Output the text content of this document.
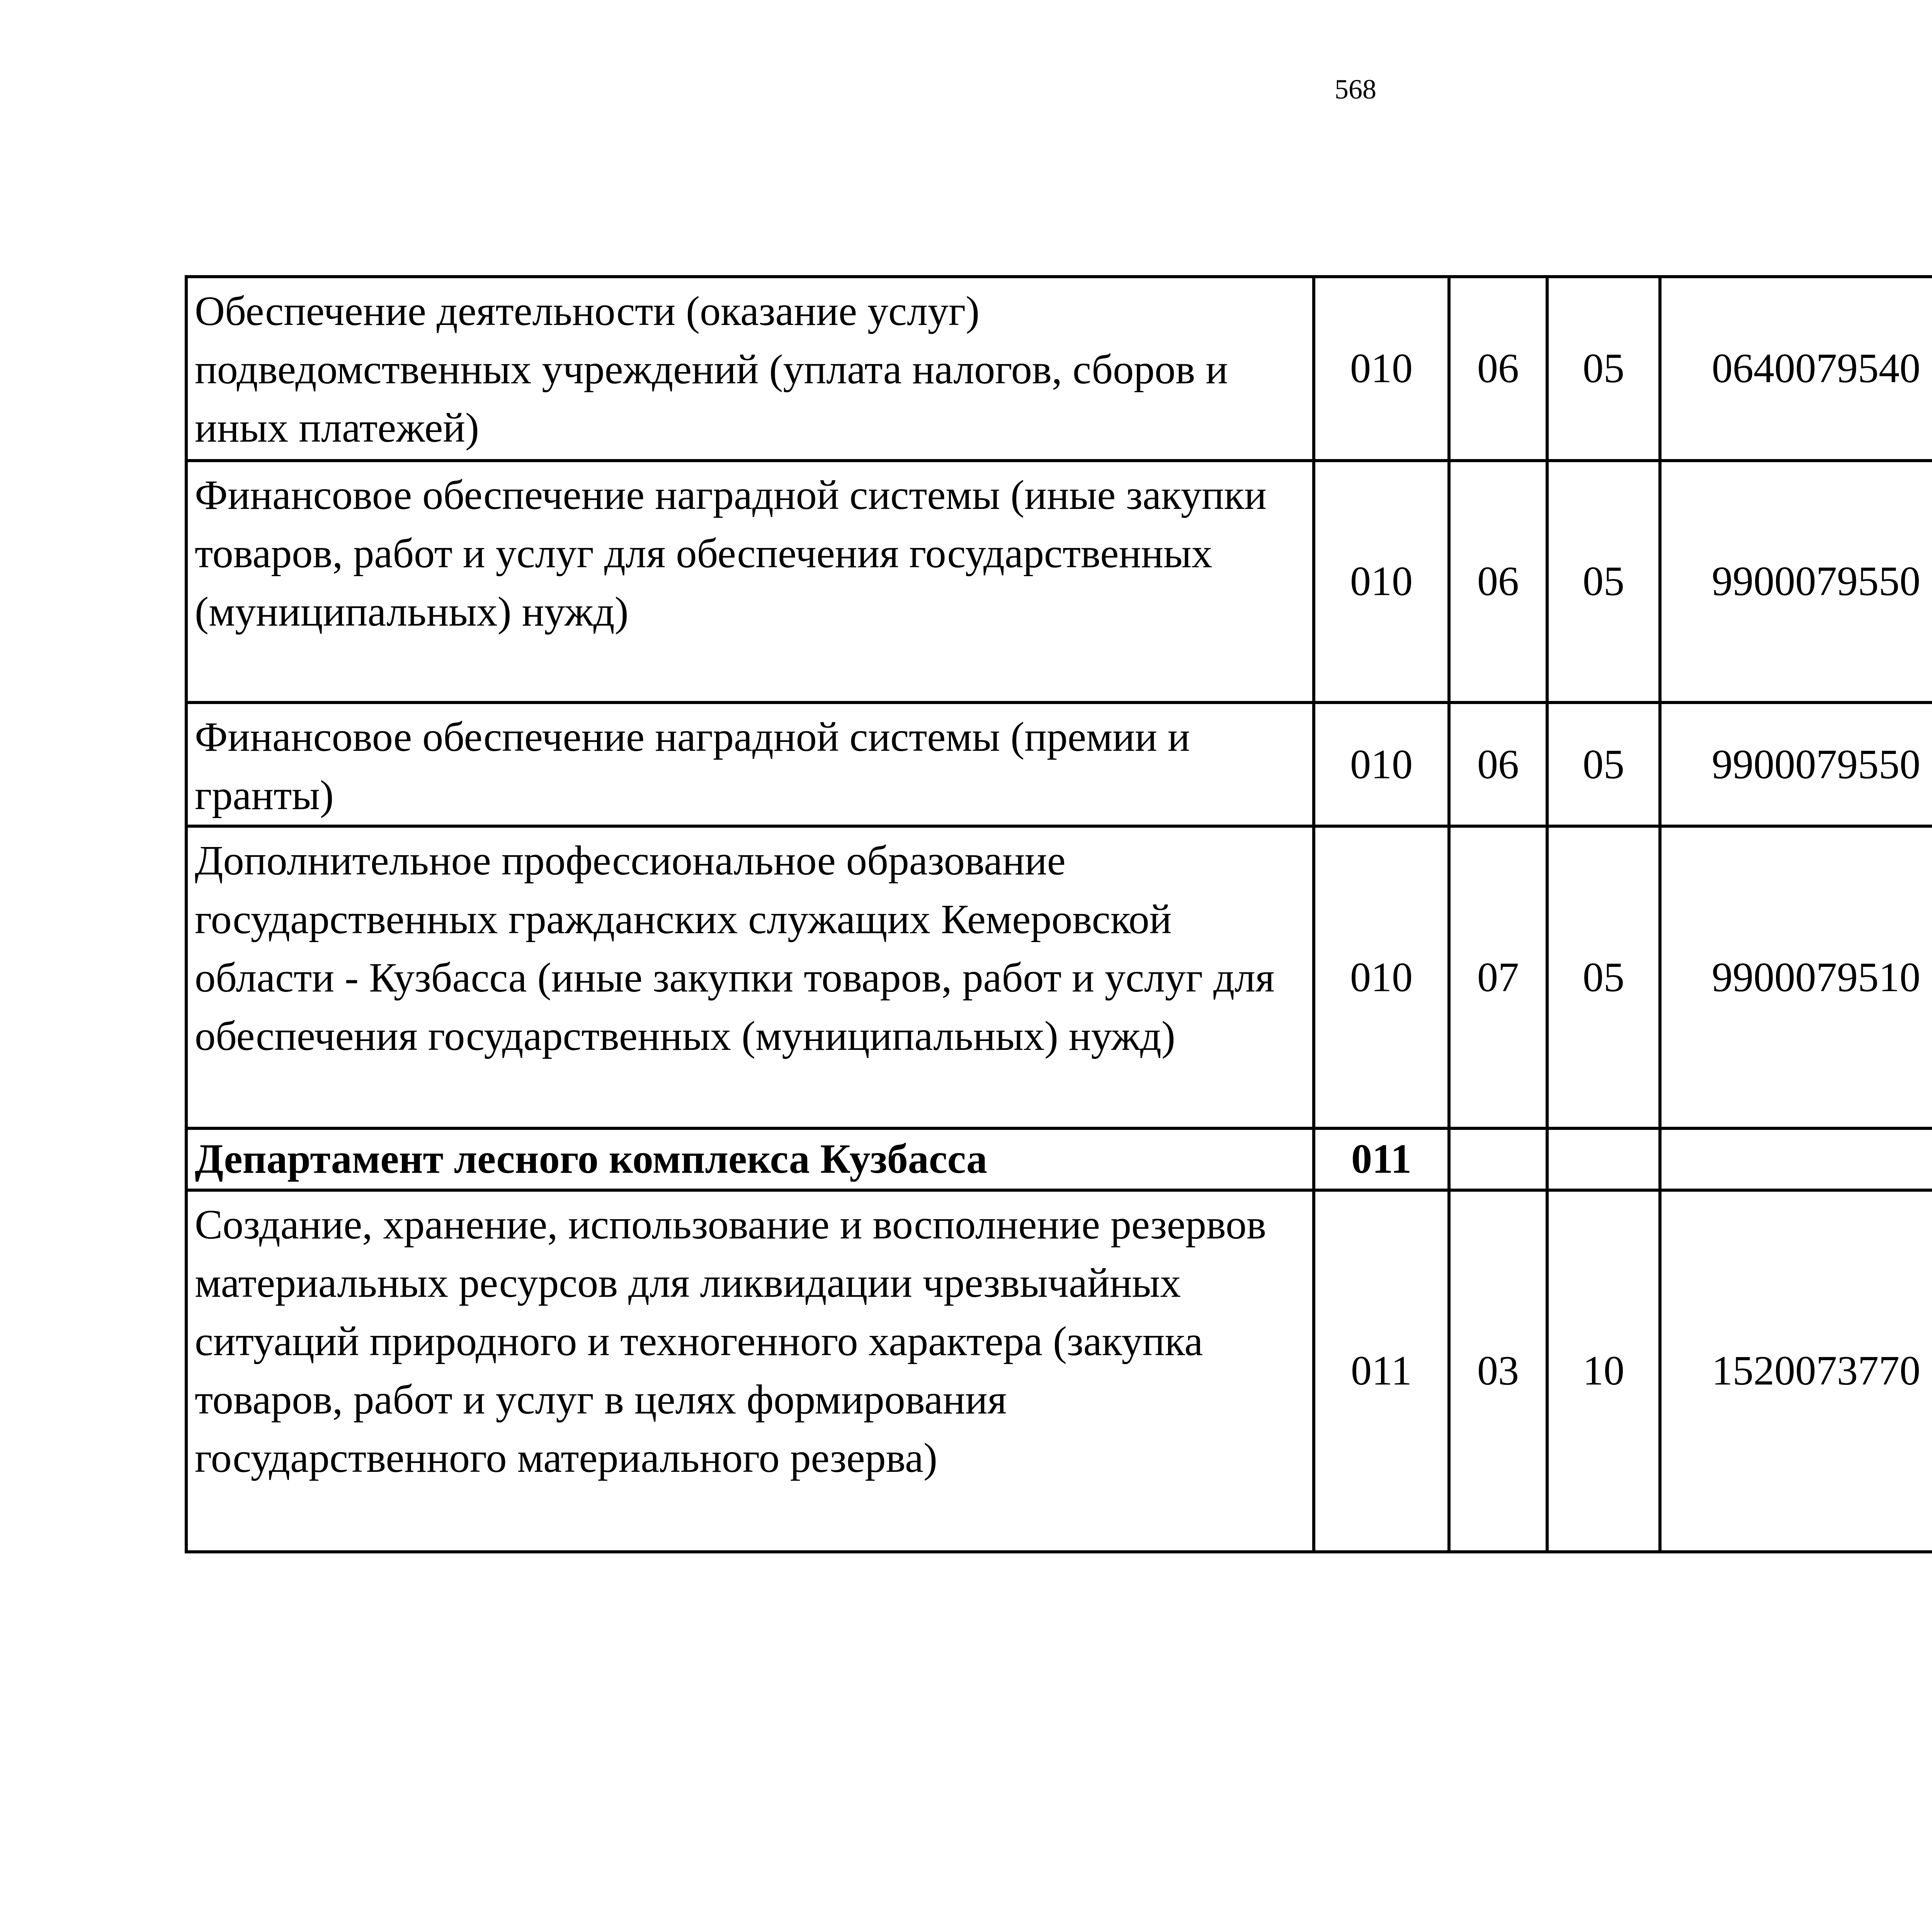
568
Обеспечение деятельности (оказание услуг) подведомственных учреждений (уплата налогов, сборов и иных платежей)	010	06	05	0640079540		
Финансовое обеспечение наградной системы (иные закупки товаров, работ и услуг для обеспечения государственных (муниципальных) нужд)	010	06	05	9900079550		
Финансовое обеспечение наградной системы (премии и гранты)	010	06	05	9900079550		
Дополнительное профессиональное образование государственных гражданских служащих Кемеровской области - Кузбасса (иные закупки товаров, работ и услуг для обеспечения государственных (муниципальных) нужд)	010	07	05	9900079510		
Департамент лесного комплекса Кузбасса	011					
Создание, хранение, использование и восполнение резервов материальных ресурсов для ликвидации чрезвычайных ситуаций природного и техногенного характера (закупка товаров, работ и услуг в целях формирования государственного материального резерва)	011	03	10	1520073770		
